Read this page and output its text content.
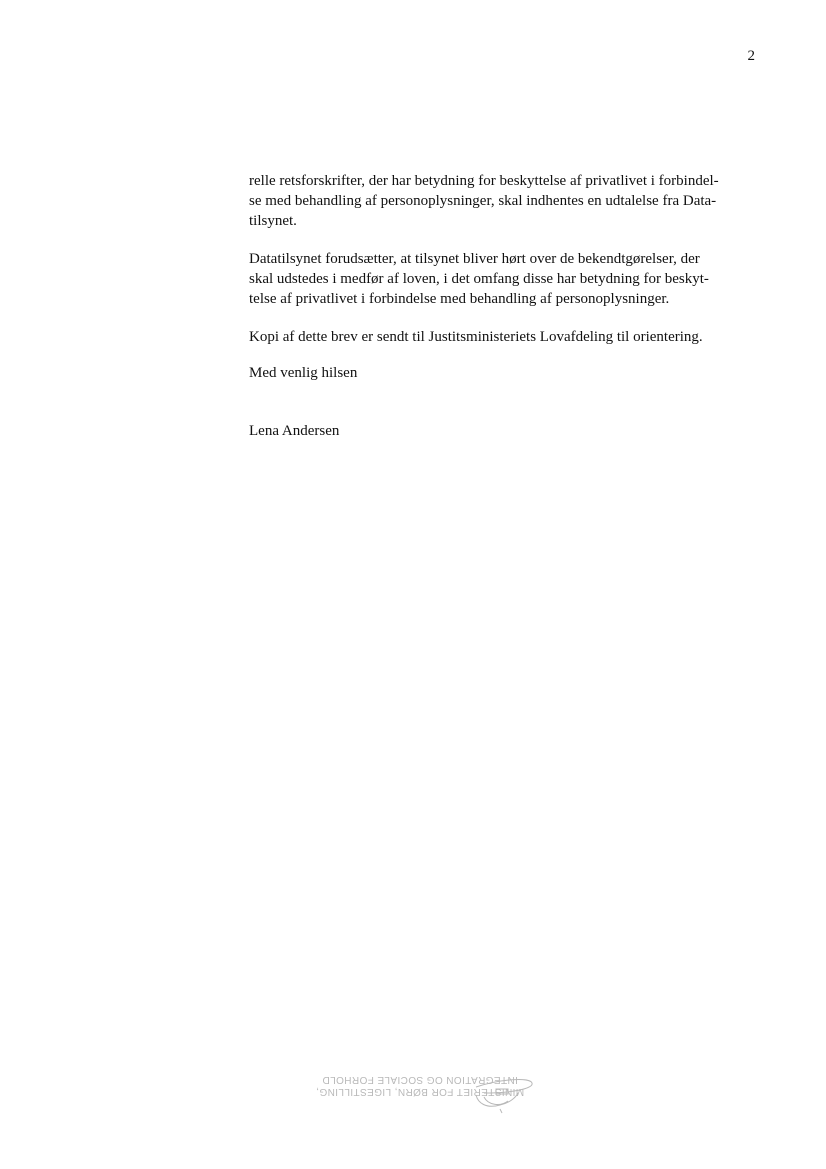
2

relle retsforskrifter, der har betydning for beskyttelse af privatlivet i forbindel-
se med behandling af personoplysninger, skal indhentes en udtalelse fra Data-
tilsynet.

Datatilsynet forudsætter, at tilsynet bliver hørt over de bekendtgørelser, der
skal udstedes i medfør af loven, i det omfang disse har betydning for beskyt-
telse af privatlivet i forbindelse med behandling af personoplysninger.

Kopi af dette brev er sendt til Justitsministeriets Lovafdeling til orientering.

Med venlig hilsen

Lena Andersen

MINISTERIET FOR BØRN, LIGESTILLING,
INTEGRATION OG SOCIALE FORHOLD
